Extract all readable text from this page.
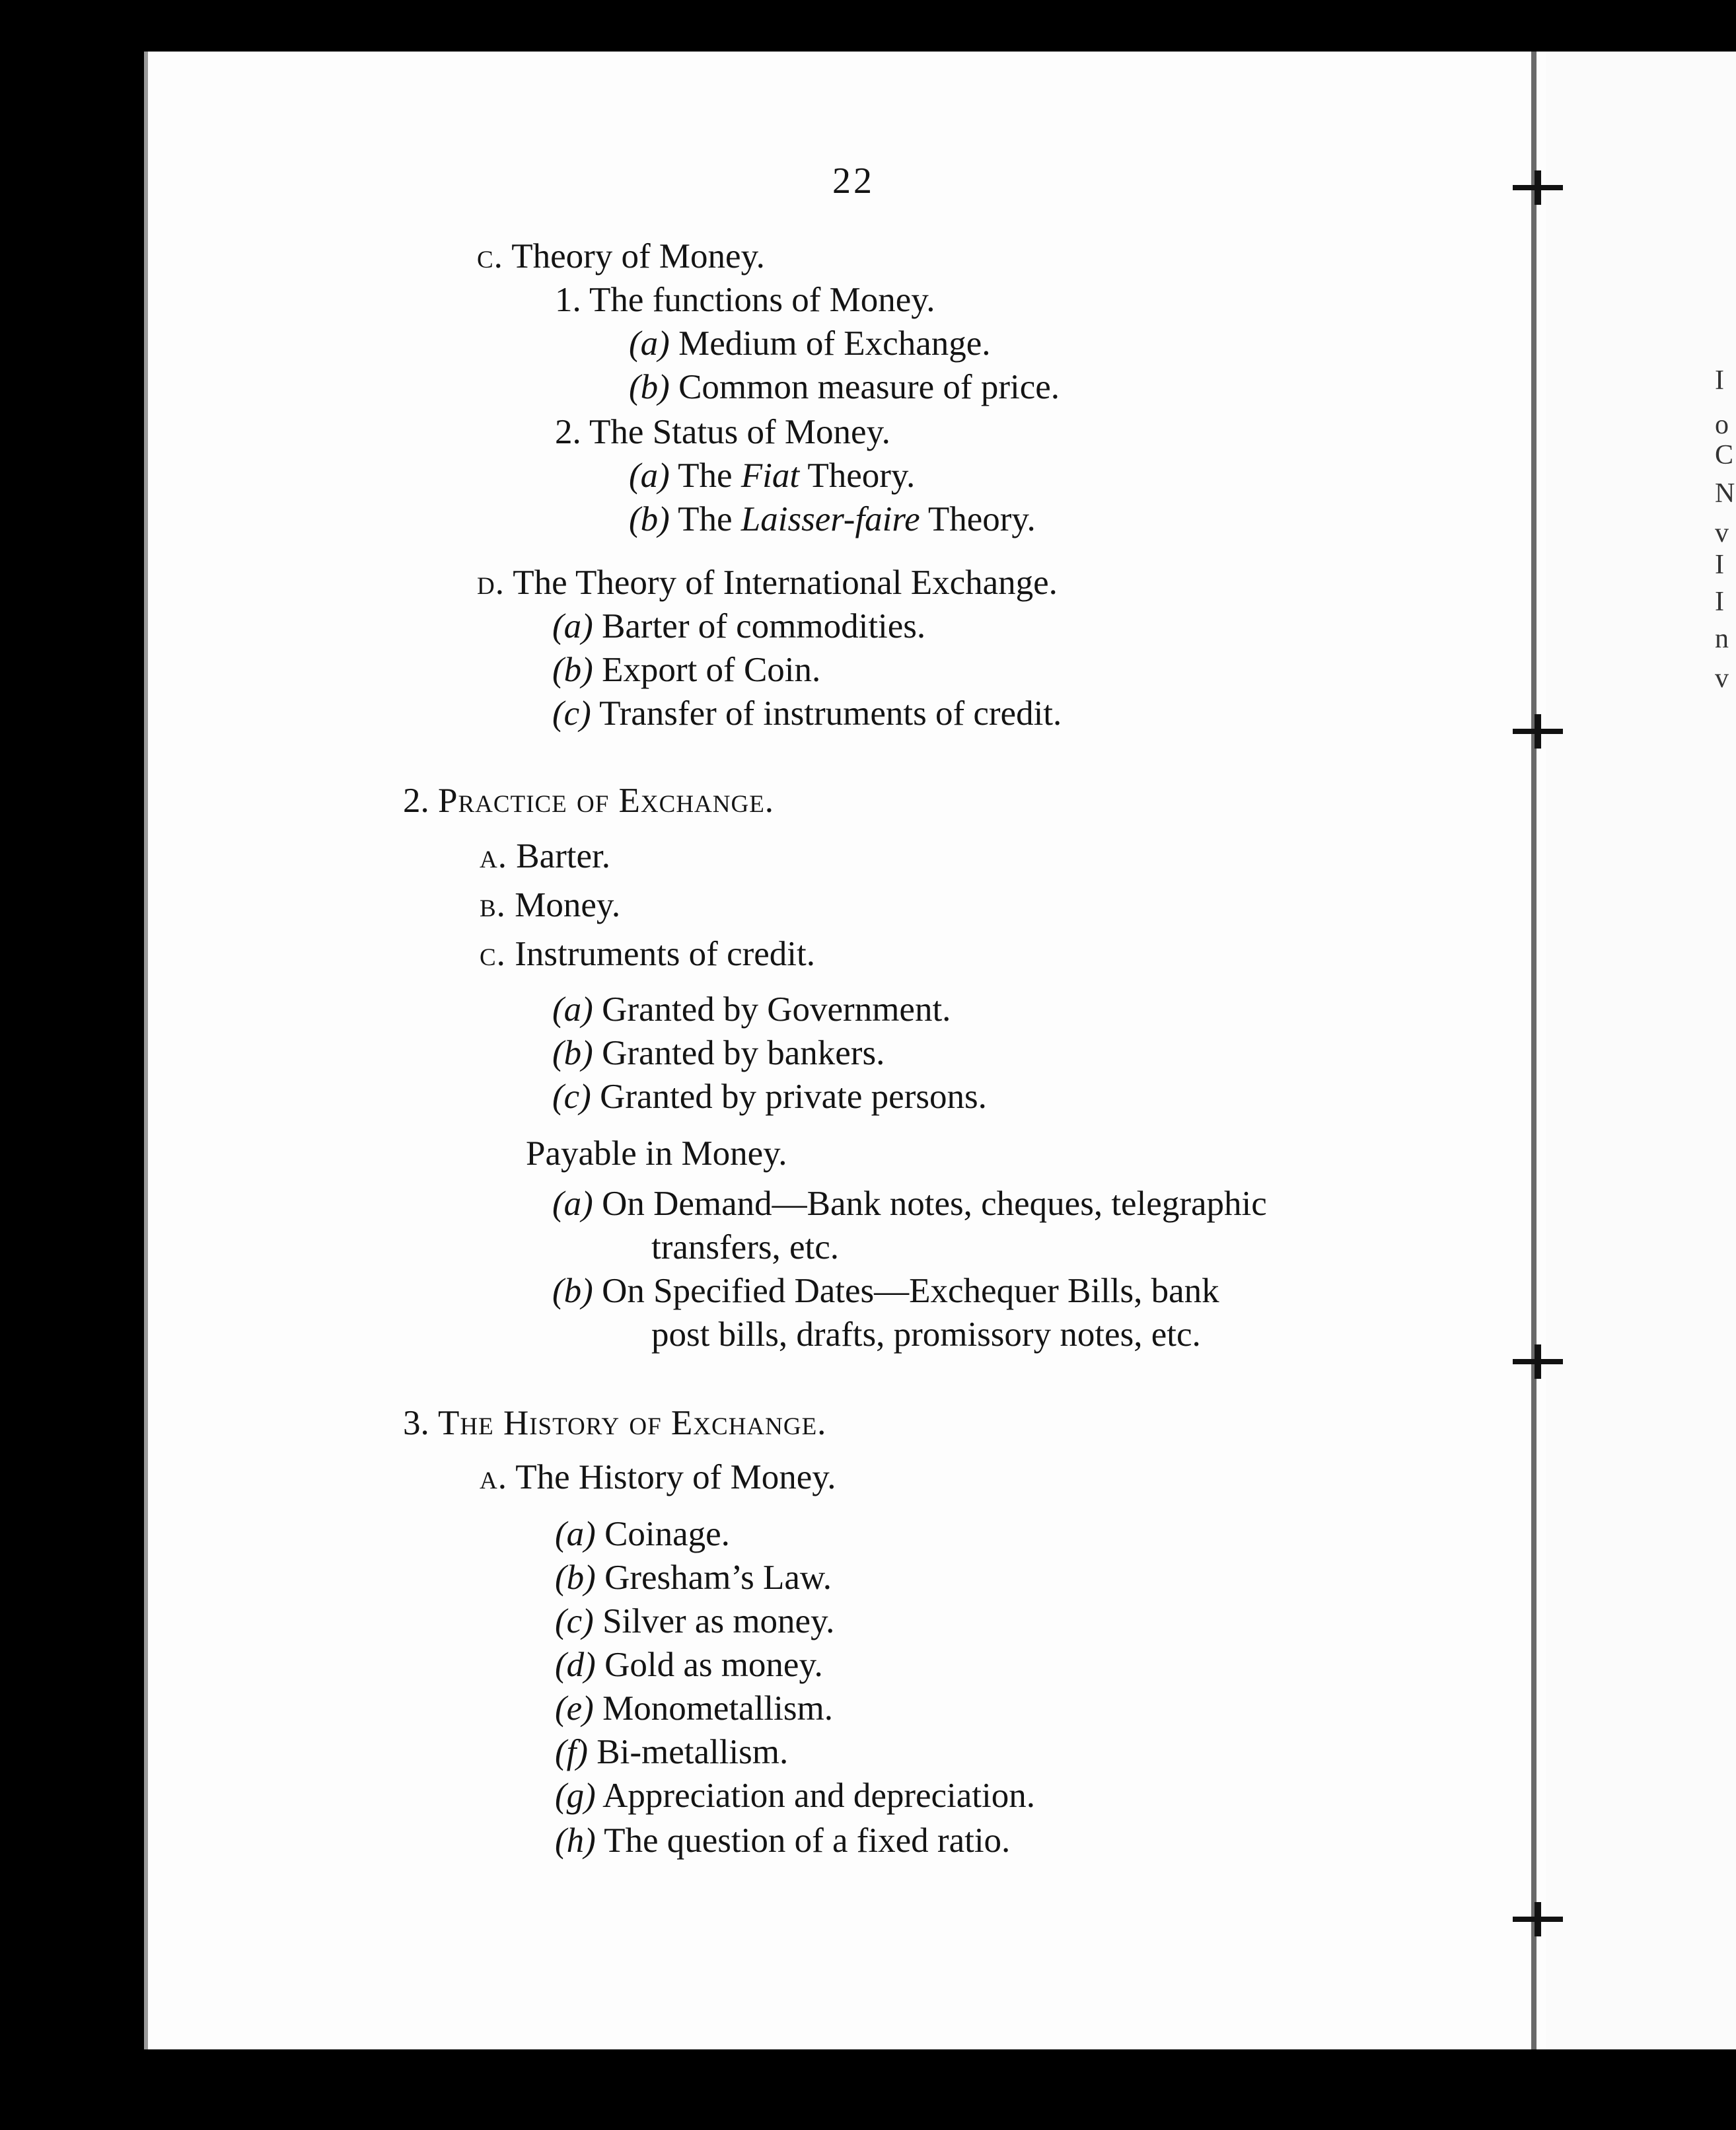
I
o
C
N
v
I
I
n
v
22
c. Theory of Money.
1. The functions of Money.
(a) Medium of Exchange.
(b) Common measure of price.
2. The Status of Money.
(a) The Fiat Theory.
(b) The Laisser-faire Theory.
d. The Theory of International Exchange.
(a) Barter of commodities.
(b) Export of Coin.
(c) Transfer of instruments of credit.
2. Practice of Exchange.
a. Barter.
b. Money.
c. Instruments of credit.
(a) Granted by Government.
(b) Granted by bankers.
(c) Granted by private persons.
Payable in Money.
(a) On Demand—Bank notes, cheques, telegraphic
transfers, etc.
(b) On Specified Dates—Exchequer Bills, bank
post bills, drafts, promissory notes, etc.
3. The History of Exchange.
a. The History of Money.
(a) Coinage.
(b) Gresham’s Law.
(c) Silver as money.
(d) Gold as money.
(e) Monometallism.
(f) Bi-metallism.
(g) Appreciation and depreciation.
(h) The question of a fixed ratio.
